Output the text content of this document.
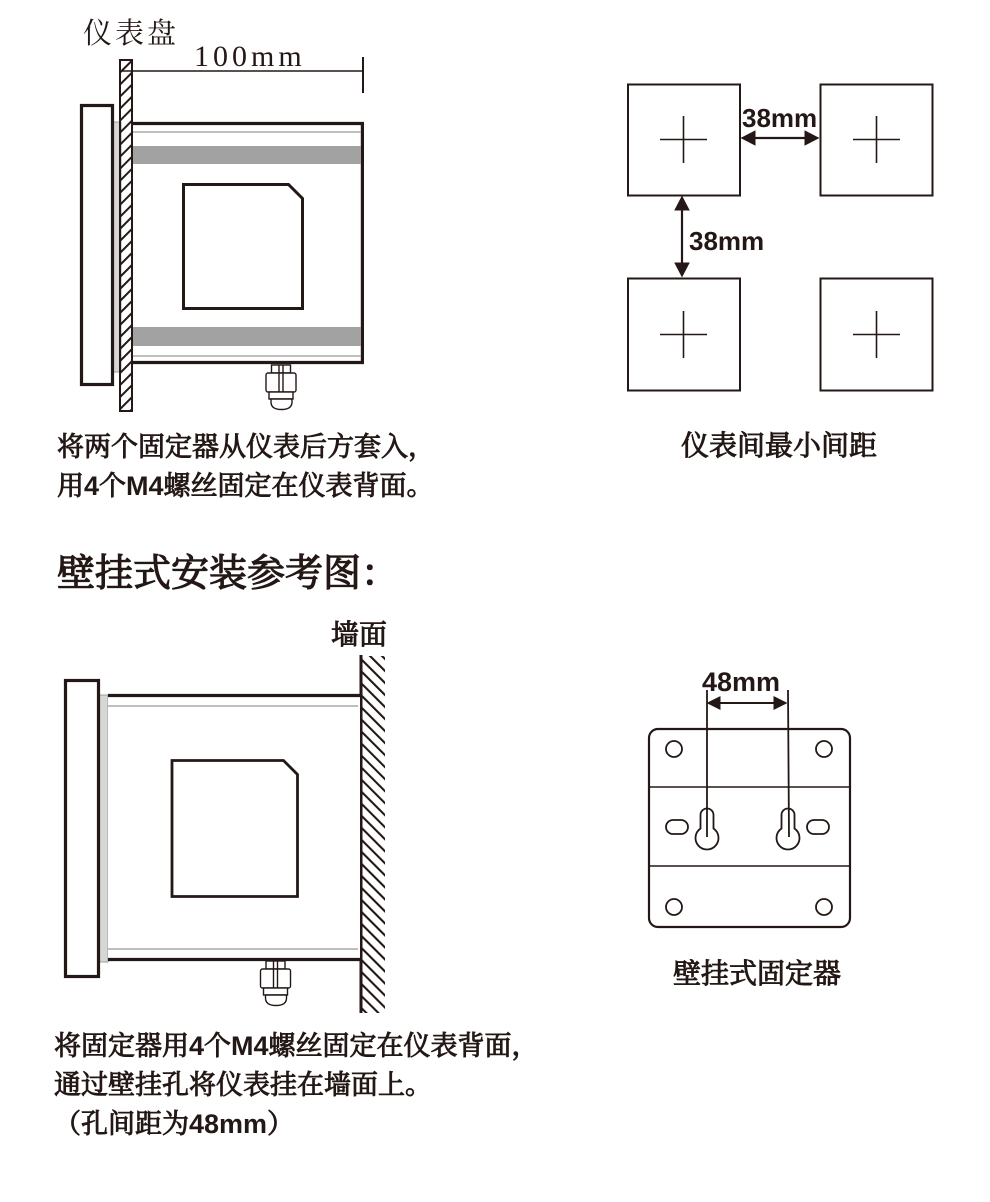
仪表盘
100mm
38mm
38mm
仪表间最小间距
将两个固定器从仪表后方套入，
用4个M4螺丝固定在仪表背面。
壁挂式安装参考图：
墙面
48mm
壁挂式固定器
将固定器用4个M4螺丝固定在仪表背面，
通过壁挂孔将仪表挂在墙面上。
（孔间距为48mm）
